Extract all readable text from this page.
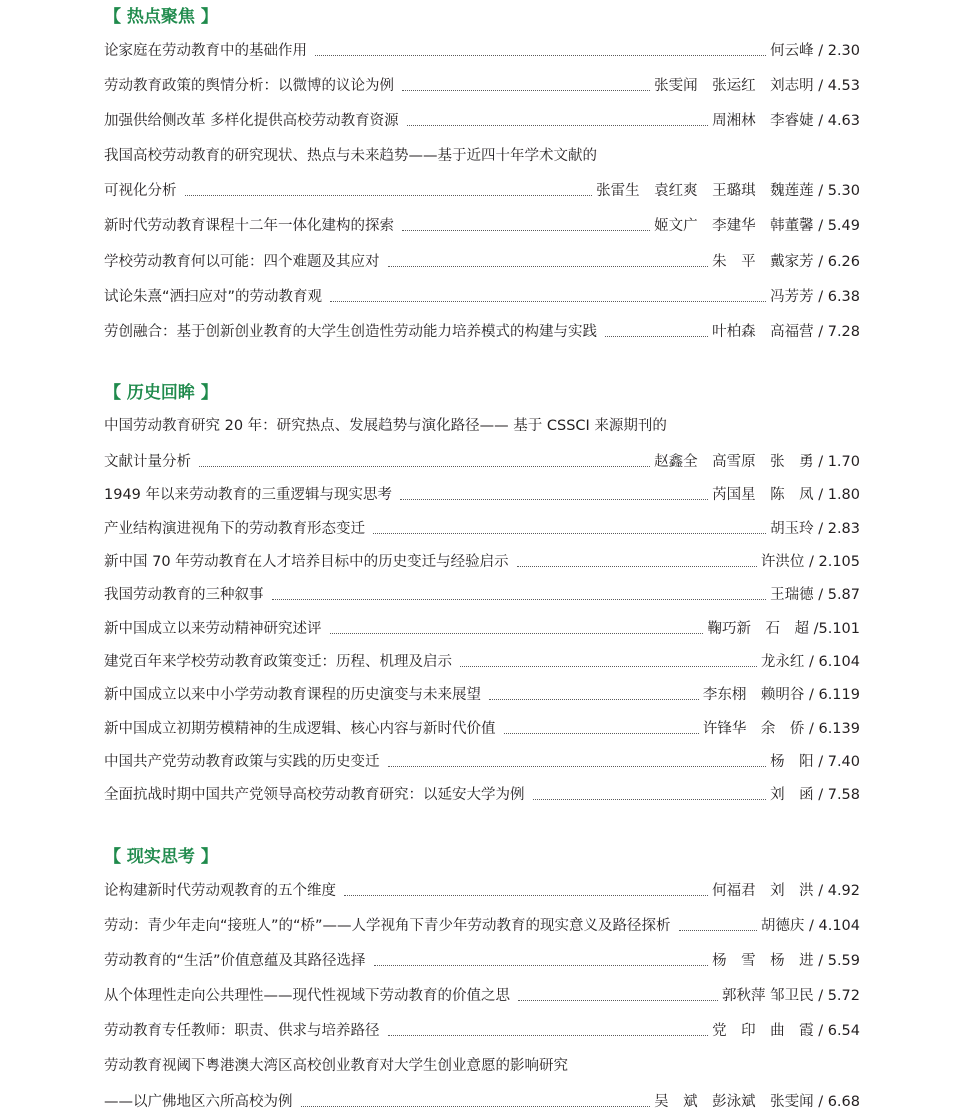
【 热点聚焦 】
论家庭在劳动教育中的基础作用	何云峰 / 2.30
劳动教育政策的舆情分析：以微博的议论为例	张雯闻　张运红　刘志明 / 4.53
加强供给侧改革 多样化提供高校劳动教育资源	周湘林　李睿婕 / 4.63
我国高校劳动教育的研究现状、热点与未来趋势——基于近四十年学术文献的
可视化分析	张雷生　袁红爽　王璐琪　魏莲莲 / 5.30
新时代劳动教育课程十二年一体化建构的探索	姬文广　李建华　韩董馨 / 5.49
学校劳动教育何以可能：四个难题及其应对	朱　平　戴家芳 / 6.26
试论朱熹“洒扫应对”的劳动教育观	冯芳芳 / 6.38
劳创融合：基于创新创业教育的大学生创造性劳动能力培养模式的构建与实践	叶柏森　高福营 / 7.28
【 历史回眸 】
中国劳动教育研究 20 年：研究热点、发展趋势与演化路径—— 基于 CSSCI 来源期刊的
文献计量分析	赵鑫全　高雪原　张　勇 / 1.70
1949 年以来劳动教育的三重逻辑与现实思考	芮国星　陈　凤 / 1.80
产业结构演进视角下的劳动教育形态变迁	胡玉玲 / 2.83
新中国 70 年劳动教育在人才培养目标中的历史变迁与经验启示	许洪位 / 2.105
我国劳动教育的三种叙事	王瑞德 / 5.87
新中国成立以来劳动精神研究述评	鞠巧新　石　超 /5.101
建党百年来学校劳动教育政策变迁：历程、机理及启示	龙永红 / 6.104
新中国成立以来中小学劳动教育课程的历史演变与未来展望	李东栩　赖明谷 / 6.119
新中国成立初期劳模精神的生成逻辑、核心内容与新时代价值	许锋华　余　侨 / 6.139
中国共产党劳动教育政策与实践的历史变迁	杨　阳 / 7.40
全面抗战时期中国共产党领导高校劳动教育研究：以延安大学为例	刘　函 / 7.58
【 现实思考 】
论构建新时代劳动观教育的五个维度	何福君　刘　洪 / 4.92
劳动：青少年走向“接班人”的“桥”——人学视角下青少年劳动教育的现实意义及路径探析	胡德庆 / 4.104
劳动教育的“生活”价值意蕴及其路径选择	杨　雪　杨　进 / 5.59
从个体理性走向公共理性——现代性视域下劳动教育的价值之思	郭秋萍 邹卫民 / 5.72
劳动教育专任教师：职责、供求与培养路径	党　印　曲　霞 / 6.54
劳动教育视阈下粤港澳大湾区高校创业教育对大学生创业意愿的影响研究
——以广佛地区六所高校为例	吴　斌　彭泳斌　张雯闻 / 6.68
